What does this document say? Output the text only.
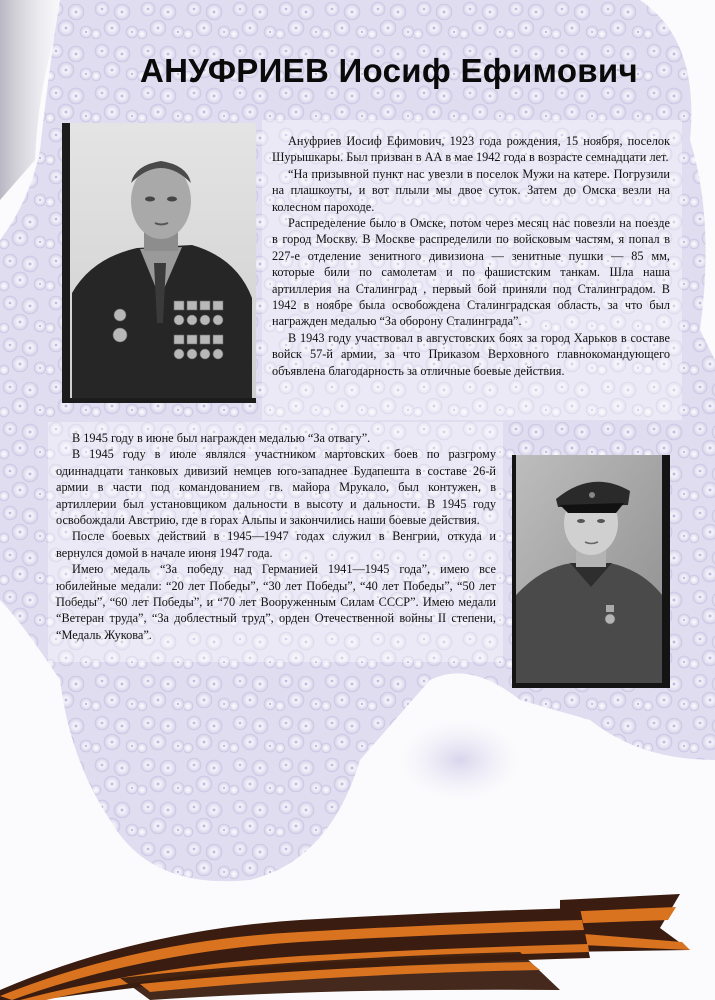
АНУФРИЕВ Иосиф Ефимович

Ануфриев Иосиф Ефимович, 1923 года рождения, 15 ноября, поселок Шурышкары. Был призван в АА в мае 1942 года в возрасте семнадцати лет.

“На призывной пункт нас увезли в поселок Мужи на катере. Погрузили на плашкоуты, и вот плыли мы двое суток. Затем до Омска везли на колесном пароходе.

Распределение было в Омске, потом через месяц нас повезли на поезде в город Москву. В Москве распределили по войсковым частям, я попал в 227-е отделение зенитного дивизиона — зенитные пушки — 85 мм, которые били по самолетам и по фашистским танкам. Шла наша артиллерия на Сталинград , первый бой приняли под Сталинградом. В 1942 в ноябре была освобождена Сталинградская область, за что был награжден медалью “За оборону Сталинграда”.

В 1943 году участвовал в августовских боях за город Харьков в составе войск 57-й армии, за что Приказом Верховного главнокомандующего объявлена благодарность за отличные боевые действия.

В 1945 году в июне был награжден медалью “За отвагу”.

В 1945 году в июле являлся участником мартовских боев по разгрому одиннадцати танковых дивизий немцев юго-западнее Будапешта в составе 26-й армии в части под командованием гв. майора Мрукало, был контужен, в артиллерии был установщиком дальности в высоту и дальности. В 1945 году освобождали Австрию, где в горах Альпы и закончились наши боевые действия.

После боевых действий в 1945—1947 годах служил в Венгрии, откуда и вернулся домой в начале июня 1947 года.

Имею медаль “За победу над Германией 1941—1945 года”, имею все юбилейные медали: “20 лет Победы”, “30 лет Победы”, “40 лет Победы”, “50 лет Победы”, “60 лет Победы”, и “70 лет Вооруженным Силам СССР”. Имею медали “Ветеран труда”, “За доблестный труд”, орден Отечественной войны II степени, “Медаль Жукова”.
